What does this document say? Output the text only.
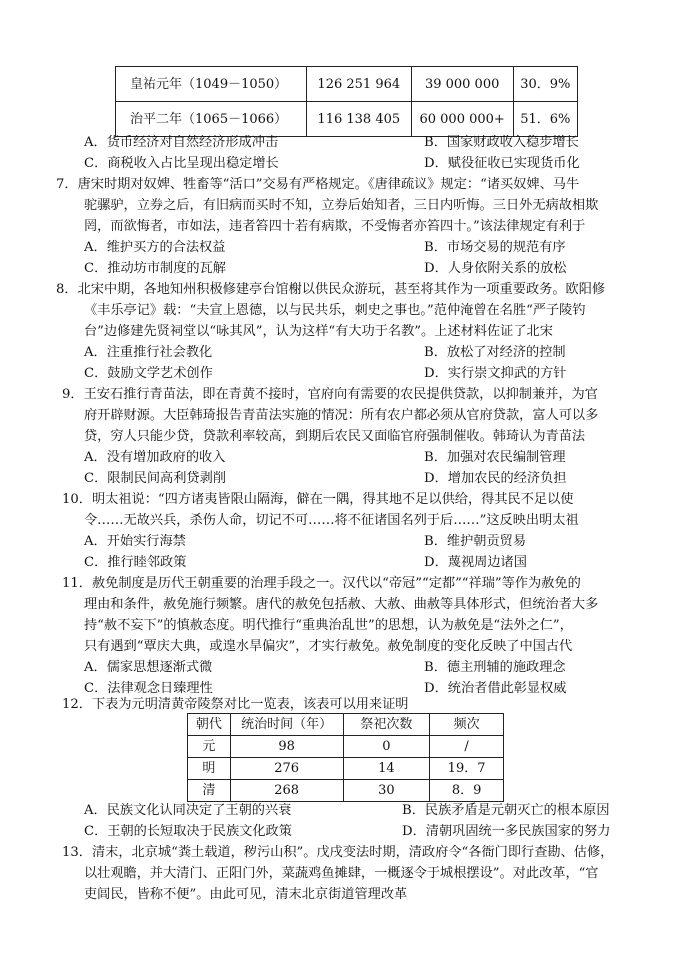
皇祐元年（1049－1050）	126 251 964	39 000 000	30．9%
治平二年（1065－1066）	116 138 405	60 000 000+	51．6%
A．货币经济对自然经济形成冲击	B．国家财政收入稳步增长
C．商税收入占比呈现出稳定增长	D．赋役征收已实现货币化
7．唐宋时期对奴婢、牲畜等“活口”交易有严格规定。《唐律疏议》规定：“诸买奴婢、马牛
驼骡驴，立券之后，有旧病而买时不知，立券后始知者，三日内听悔。三日外无病故相欺
罔，而欲悔者，市如法，违者笞四十若有病欺，不受悔者亦笞四十。”该法律规定有利于
A．维护买方的合法权益	B．市场交易的规范有序
C．推动坊市制度的瓦解	D．人身依附关系的放松
8．北宋中期，各地知州积极修建亭台馆榭以供民众游玩，甚至将其作为一项重要政务。欧阳修
《丰乐亭记》载：“夫宣上恩德，以与民共乐，刺史之事也。”范仲淹曾在名胜“严子陵钓
台”边修建先贤祠堂以“咏其风”，认为这样“有大功于名教”。上述材料佐证了北宋
A．注重推行社会教化	B．放松了对经济的控制
C．鼓励文学艺术创作	D．实行崇文抑武的方针
9．王安石推行青苗法，即在青黄不接时，官府向有需要的农民提供贷款，以抑制兼并，为官
府开辟财源。大臣韩琦报告青苗法实施的情况：所有农户都必须从官府贷款，富人可以多
贷，穷人只能少贷，贷款利率较高，到期后农民又面临官府强制催收。韩琦认为青苗法
A．没有增加政府的收入	B．加强对农民编制管理
C．限制民间高利贷剥削	D．增加农民的经济负担
10．明太祖说：“四方诸夷皆限山隔海，僻在一隅，得其地不足以供给，得其民不足以使
令……无故兴兵，杀伤人命，切记不可……将不征诸国名列于后……”这反映出明太祖
A．开始实行海禁	B．维护朝贡贸易
C．推行睦邻政策	D．蔑视周边诸国
11．赦免制度是历代王朝重要的治理手段之一。汉代以“帝冠”“定都”“祥瑞”等作为赦免的
理由和条件，赦免施行频繁。唐代的赦免包括赦、大赦、曲赦等具体形式，但统治者大多
持“赦不妄下”的慎赦态度。明代推行“重典治乱世”的思想，认为赦免是“法外之仁”，
只有遇到“覃庆大典，或遑水旱偏灾”，才实行赦免。赦免制度的变化反映了中国古代
A．儒家思想逐渐式微	B．德主刑辅的施政理念
C．法律观念日臻理性	D．统治者借此彰显权威
12．下表为元明清黄帝陵祭对比一览表，该表可以用来证明
朝代	统治时间（年）	祭祀次数	频次
元	98	0	/
明	276	14	19．7
清	268	30	8．9
A．民族文化认同决定了王朝的兴衰	B．民族矛盾是元朝灭亡的根本原因
C．王朝的长短取决于民族文化政策	D．清朝巩固统一多民族国家的努力
13．清末，北京城“粪土载道，秽污山积”。戊戌变法时期，清政府令“各衙门即行查勘、估修，
以壮观瞻，并大清门、正阳门外，菜蔬鸡鱼摊肆，一概逐令于城根摆设”。对此改革，“官
吏闾民，皆称不便”。由此可见，清末北京街道管理改革
